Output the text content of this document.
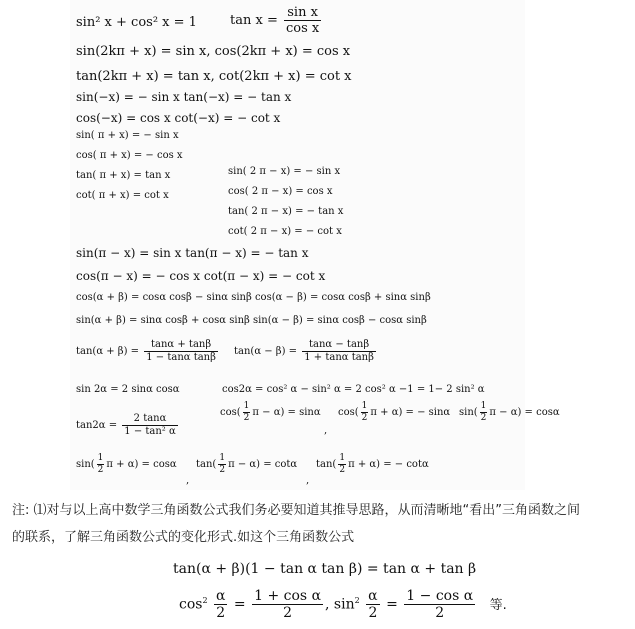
sin² x + cos² x = 1	$\tan x = \frac{\text{sin x}}{\text{cos x}}$
sin(2kπ + x) = sin x, cos(2kπ + x) = cos x
tan(2kπ + x) = tan x, cot(2kπ + x) = cot x
sin(−x) = − sin x tan(−x) = − tan x
cos(−x) = cos x cot(−x) = − cot x
sin( π + x) = − sin x
cos( π + x) = − cos x
tan( π + x) = tan x
cot( π + x) = cot x
sin( 2 π − x) = − sin x
cos( 2 π − x) = cos x
tan( 2 π − x) = − tan x
cot( 2 π − x) = − cot x
sin(π − x) = sin x tan(π − x) = − tan x
cos(π − x) = − cos x cot(π − x) = − cot x
cos(α + β) = cosα cosβ − sinα sinβ cos(α − β) = cosα cosβ + sinα sinβ
sin(α + β) = sinα cosβ + cosα sinβ sin(α − β) = sinα cosβ − cosα sinβ
$\tan(\alpha + \beta) = \frac{\tan\alpha + \tan\beta}{\text{1 − tanα tanβ}} \tan(\alpha - \beta) = \frac{\tan\alpha - \tan\beta}{\text{1 + tanα tanβ}}$
sin 2α = 2 sinα cosα	cos2α = cos² α − sin² α = 2 cos² α −1 = 1− 2 sin² α
$\tan 2\alpha = \frac{2 \tan\alpha}{\text{1 − tan² α}}$
$\cos( \frac{1}{2}$ π − α) = sinα
,
$\cos( \frac{1}{2}$ π + α) = − sinα $\sin( \frac{1}{2}$ π − α) = cosα
$\sin( \frac{1}{2}$ π + α) = cosα
,
$\tan( \frac{1}{2}$ π − α) = cotα
,
$\tan( \frac{1}{2}$ π + α) = − cotα
注: ⑴对与以上高中数学三角函数公式我们务必要知道其推导思路，从而清晰地“看出”三角函数之间
的联系，了解三角函数公式的变化形式.如这个三角函数公式
tan(α + β)(1 − tan α tan β) = tan α + tan β
$\cos^2 \frac{\alpha}{2} = \frac{\text{1 + cos α}}{2}$ , $\sin^2 \frac{\alpha}{2} = \frac{\text{1 − cos α}}{2}$ 等.
